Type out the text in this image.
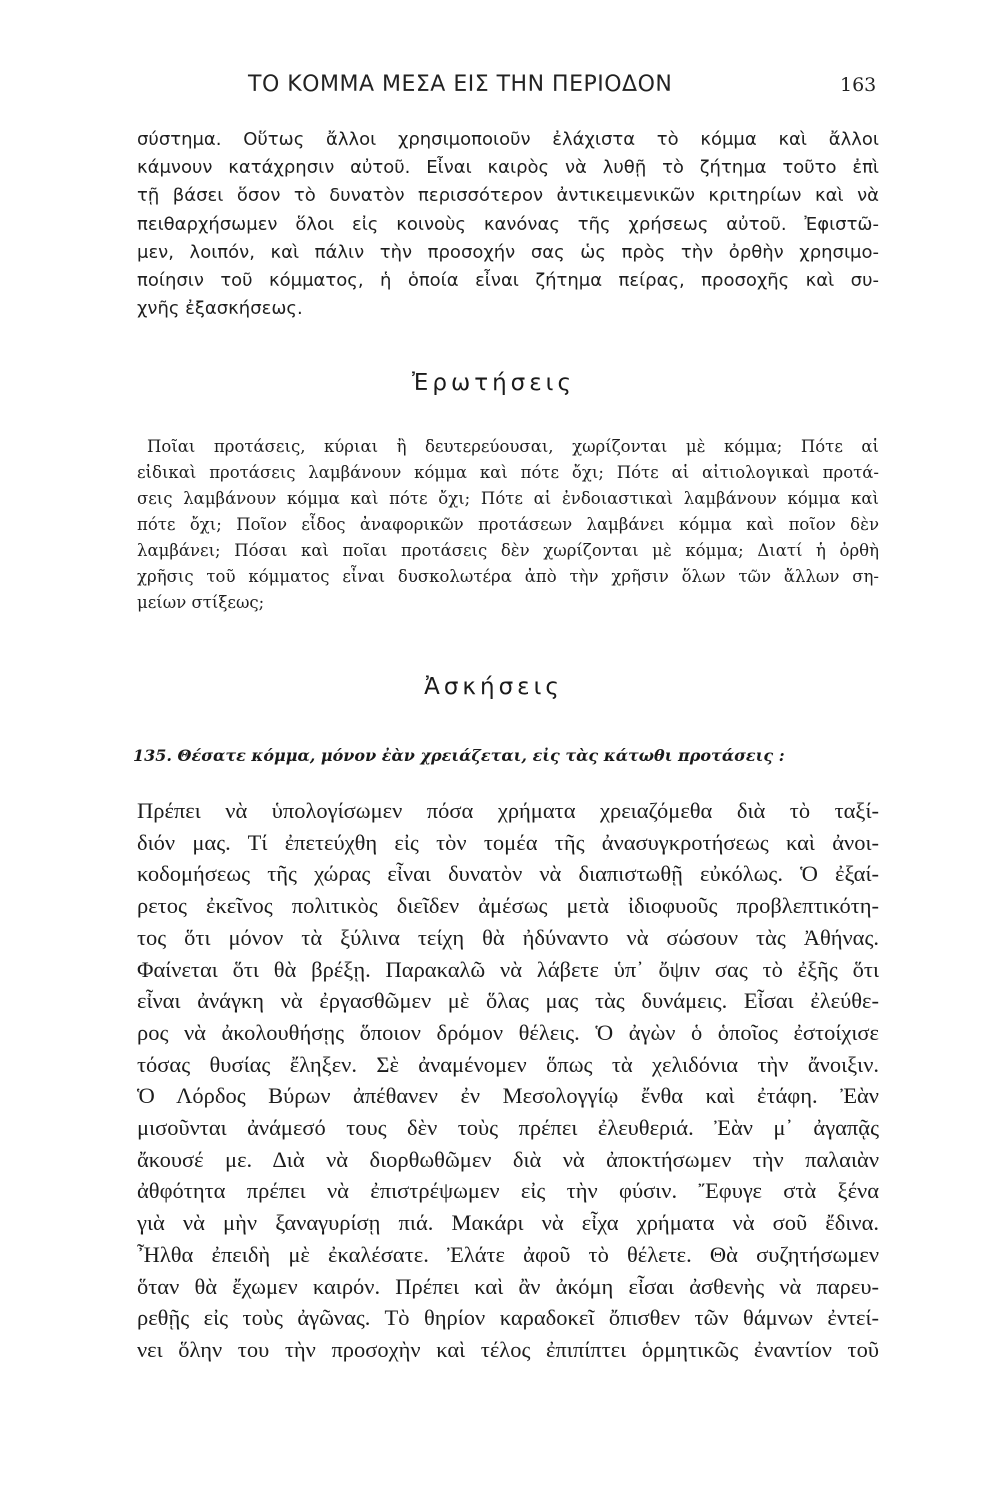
ΤΟ ΚΟΜΜΑ ΜΕΣΑ ΕΙΣ ΤΗΝ ΠΕΡΙΟΔΟΝ	163
σύστημα. Οὕτως ἄλλοι χρησιμοποιοῦν ἐλάχιστα τὸ κόμμα καὶ ἄλλοι
κάμνουν κατάχρησιν αὐτοῦ. Εἶναι καιρὸς νὰ λυθῇ τὸ ζήτημα τοῦτο ἐπὶ
τῇ βάσει ὅσον τὸ δυνατὸν περισσότερον ἀντικειμενικῶν κριτηρίων καὶ νὰ
πειθαρχήσωμεν ὅλοι εἰς κοινοὺς κανόνας τῆς χρήσεως αὐτοῦ. Ἐφιστῶ-
μεν, λοιπόν, καὶ πάλιν τὴν προσοχήν σας ὡς πρὸς τὴν ὀρθὴν χρησιμο-
ποίησιν τοῦ κόμματος, ἡ ὁποία εἶναι ζήτημα πείρας, προσοχῆς καὶ συ-
χνῆς ἐξασκήσεως.
Ἐρωτήσεις
Ποῖαι προτάσεις, κύριαι ἢ δευτερεύουσαι, χωρίζονται μὲ κόμμα; Πότε αἱ
εἰδικαὶ προτάσεις λαμβάνουν κόμμα καὶ πότε ὄχι; Πότε αἱ αἰτιολογικαὶ προτά-
σεις λαμβάνουν κόμμα καὶ πότε ὄχι; Πότε αἱ ἐνδοιαστικαὶ λαμβάνουν κόμμα καὶ
πότε ὄχι; Ποῖον εἶδος ἀναφορικῶν προτάσεων λαμβάνει κόμμα καὶ ποῖον δὲν
λαμβάνει; Πόσαι καὶ ποῖαι προτάσεις δὲν χωρίζονται μὲ κόμμα; Διατί ἡ ὀρθὴ
χρῆσις τοῦ κόμματος εἶναι δυσκολωτέρα ἀπὸ τὴν χρῆσιν ὅλων τῶν ἄλλων ση-
μείων στίξεως;
Ἀσκήσεις
135. Θέσατε κόμμα, μόνον ἐὰν χρειάζεται, εἰς τὰς κάτωθι προτάσεις :
Πρέπει νὰ ὑπολογίσωμεν πόσα χρήματα χρειαζόμεθα διὰ τὸ ταξί-
διόν μας. Τί ἐπετεύχθη εἰς τὸν τομέα τῆς ἀνασυγκροτήσεως καὶ ἀνοι-
κοδομήσεως τῆς χώρας εἶναι δυνατὸν νὰ διαπιστωθῇ εὐκόλως. Ὁ ἐξαί-
ρετος ἐκεῖνος πολιτικὸς διεῖδεν ἀμέσως μετὰ ἰδιοφυοῦς προβλεπτικότη-
τος ὅτι μόνον τὰ ξύλινα τείχη θὰ ἠδύναντο νὰ σώσουν τὰς Ἀθήνας.
Φαίνεται ὅτι θὰ βρέξῃ. Παρακαλῶ νὰ λάβετε ὑπ᾽ ὄψιν σας τὸ ἐξῆς ὅτι
εἶναι ἀνάγκη νὰ ἐργασθῶμεν μὲ ὅλας μας τὰς δυνάμεις. Εἶσαι ἐλεύθε-
ρος νὰ ἀκολουθήσῃς ὅποιον δρόμον θέλεις. Ὁ ἀγὼν ὁ ὁποῖος ἐστοίχισε
τόσας θυσίας ἔληξεν. Σὲ ἀναμένομεν ὅπως τὰ χελιδόνια τὴν ἄνοιξιν.
Ὁ Λόρδος Βύρων ἀπέθανεν ἐν Μεσολογγίῳ ἔνθα καὶ ἐτάφη. Ἐὰν
μισοῦνται ἀνάμεσό τους δὲν τοὺς πρέπει ἐλευθεριά. Ἐὰν μ᾽ ἀγαπᾷς
ἄκουσέ με. Διὰ νὰ διορθωθῶμεν διὰ νὰ ἀποκτήσωμεν τὴν παλαιὰν
ἀθφότητα πρέπει νὰ ἐπιστρέψωμεν εἰς τὴν φύσιν. Ἔφυγε στὰ ξένα
γιὰ νὰ μὴν ξαναγυρίσῃ πιά. Μακάρι νὰ εἶχα χρήματα νὰ σοῦ ἔδινα.
Ἦλθα ἐπειδὴ μὲ ἐκαλέσατε. Ἐλάτε ἀφοῦ τὸ θέλετε. Θὰ συζητήσωμεν
ὅταν θὰ ἔχωμεν καιρόν. Πρέπει καὶ ἂν ἀκόμη εἶσαι ἀσθενὴς νὰ παρευ-
ρεθῇς εἰς τοὺς ἀγῶνας. Τὸ θηρίον καραδοκεῖ ὄπισθεν τῶν θάμνων ἐντεί-
νει ὅλην του τὴν προσοχὴν καὶ τέλος ἐπιπίπτει ὁρμητικῶς ἐναντίον τοῦ
